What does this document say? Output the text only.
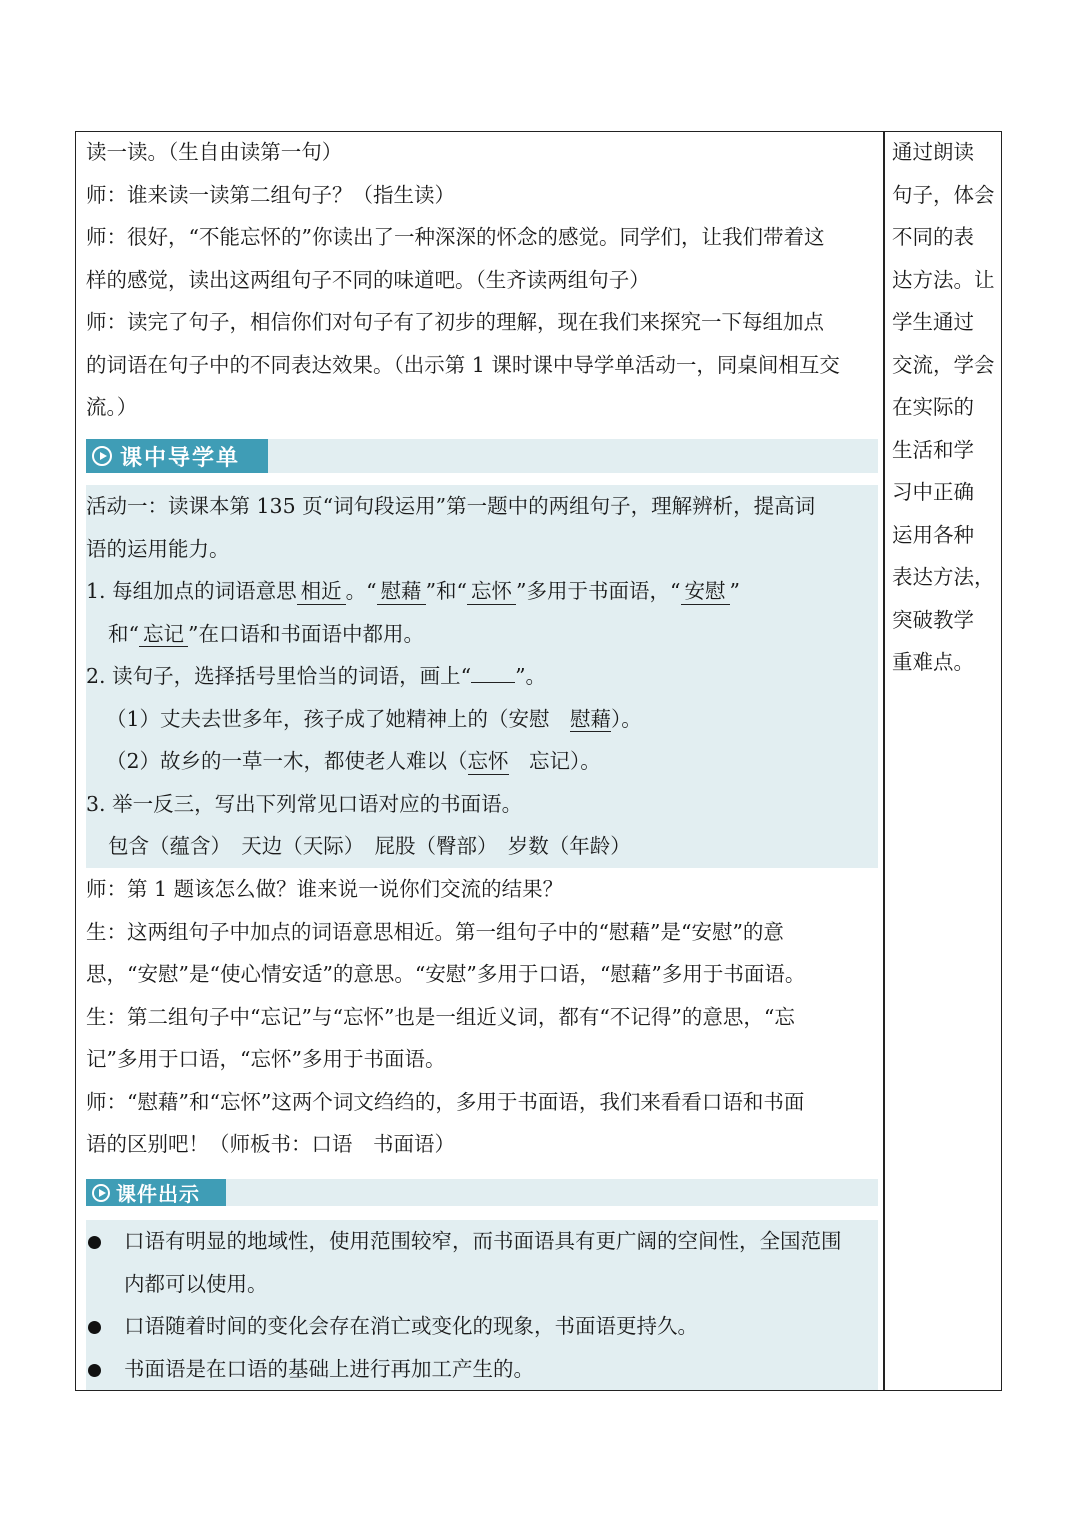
读一读。（生自由读第一句）
师：谁来读一读第二组句子？（指生读）
师：很好，“不能忘怀的”你读出了一种深深的怀念的感觉。同学们，让我们带着这
样的感觉，读出这两组句子不同的味道吧。（生齐读两组句子）
师：读完了句子，相信你们对句子有了初步的理解，现在我们来探究一下每组加点
的词语在句子中的不同表达效果。（出示第 1 课时课中导学单活动一，同桌间相互交
流。）
课中导学单
活动一：读课本第 135 页“词句段运用”第一题中的两组句子，理解辨析，提高词
语的运用能力。
1. 每组加点的词语意思 相近 。“ 慰藉 ”和“ 忘怀 ”多用于书面语，“ 安慰 ”
和“ 忘记 ”在口语和书面语中都用。
2. 读句子，选择括号里恰当的词语，画上“ ”。
（1）丈夫去世多年，孩子成了她精神上的（安慰　慰藉）。
（2）故乡的一草一木，都使老人难以（忘怀　忘记）。
3. 举一反三，写出下列常见口语对应的书面语。
包含（蕴含）　天边（天际）　屁股（臀部）　岁数（年龄）
师：第 1 题该怎么做？谁来说一说你们交流的结果？
生：这两组句子中加点的词语意思相近。第一组句子中的“慰藉”是“安慰”的意
思，“安慰”是“使心情安适”的意思。“安慰”多用于口语，“慰藉”多用于书面语。
生：第二组句子中“忘记”与“忘怀”也是一组近义词，都有“不记得”的意思，“忘
记”多用于口语，“忘怀”多用于书面语。
师：“慰藉”和“忘怀”这两个词文绉绉的，多用于书面语，我们来看看口语和书面
语的区别吧！（师板书：口语　书面语）
课件出示
口语有明显的地域性，使用范围较窄，而书面语具有更广阔的空间性，全国范围
内都可以使用。
口语随着时间的变化会存在消亡或变化的现象，书面语更持久。
书面语是在口语的基础上进行再加工产生的。
通过朗读
句子，体会
不同的表
达方法。让
学生通过
交流，学会
在实际的
生活和学
习中正确
运用各种
表达方法，
突破教学
重难点。
